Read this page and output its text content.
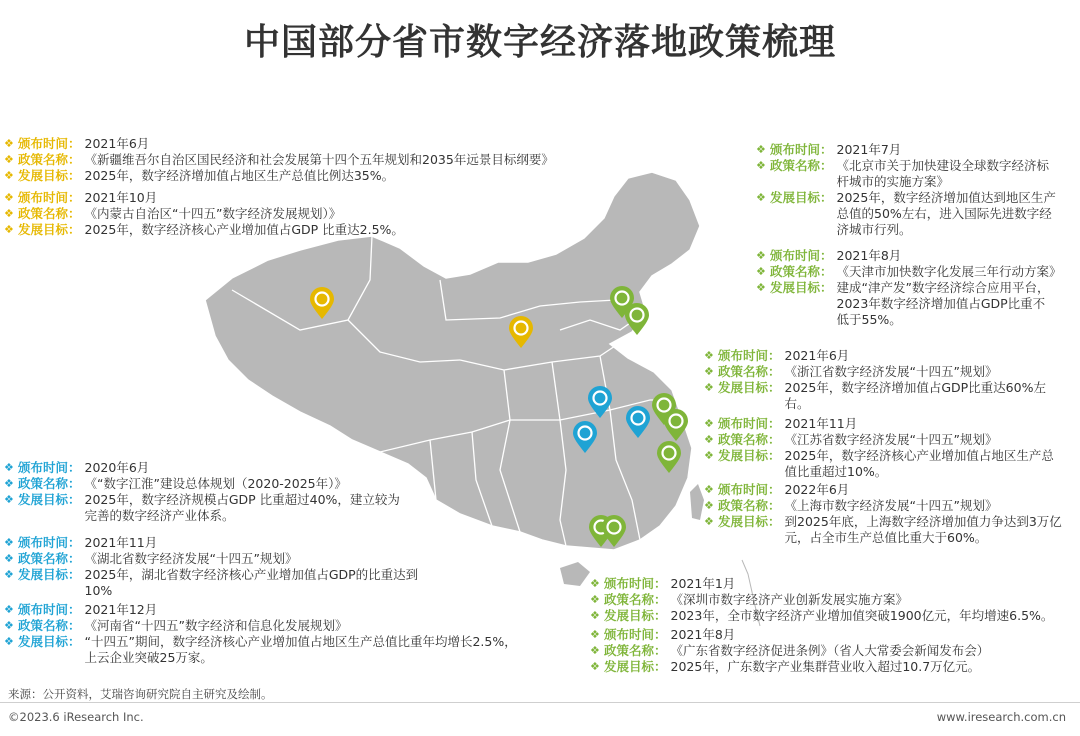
中国部分省市数字经济落地政策梳理
❖ 颁布时间： 2021年6月
❖ 政策名称： 《新疆维吾尔自治区国民经济和社会发展第十四个五年规划和2035年远景目标纲要》
❖ 发展目标： 2025年，数字经济增加值占地区生产总值比例达35%。
❖ 颁布时间： 2021年10月
❖ 政策名称： 《内蒙古自治区“十四五”数字经济发展规划）》
❖ 发展目标： 2025年，数字经济核心产业增加值占GDP 比重达2.5%。
❖ 颁布时间： 2020年6月
❖ 政策名称： 《“数字江淮”建设总体规划（2020-2025年）》
❖ 发展目标： 2025年，数字经济规模占GDP 比重超过40%，建立较为完善的数字经济产业体系。
❖ 颁布时间： 2021年11月
❖ 政策名称： 《湖北省数字经济发展“十四五”规划》
❖ 发展目标： 2025年，湖北省数字经济核心产业增加值占GDP的比重达到10%
❖ 颁布时间： 2021年12月
❖ 政策名称： 《河南省“十四五”数字经济和信息化发展规划》
❖ 发展目标： “十四五”期间，数字经济核心产业增加值占地区生产总值比重年均增长2.5%，上云企业突破25万家。
❖ 颁布时间： 2021年7月
❖ 政策名称： 《北京市关于加快建设全球数字经济标杆城市的实施方案》
❖ 发展目标： 2025年，数字经济增加值达到地区生产总值的50%左右，进入国际先进数字经济城市行列。
❖ 颁布时间： 2021年8月
❖ 政策名称： 《天津市加快数字化发展三年行动方案》
❖ 发展目标： 建成“津产发”数字经济综合应用平台，2023年数字经济增加值占GDP比重不低于55%。
❖ 颁布时间： 2021年6月
❖ 政策名称： 《浙江省数字经济发展“十四五”规划》
❖ 发展目标： 2025年，数字经济增加值占GDP比重达60%左右。
❖ 颁布时间： 2021年11月
❖ 政策名称： 《江苏省数字经济发展“十四五”规划》
❖ 发展目标： 2025年，数字经济核心产业增加值占地区生产总值比重超过10%。
❖ 颁布时间： 2022年6月
❖ 政策名称： 《上海市数字经济发展“十四五”规划》
❖ 发展目标： 到2025年底，上海数字经济增加值力争达到3万亿元，占全市生产总值比重大于60%。
❖ 颁布时间： 2021年1月
❖ 政策名称： 《深圳市数字经济产业创新发展实施方案》
❖ 发展目标： 2023年，全市数字经济产业增加值突破1900亿元，年均增速6.5%。
❖ 颁布时间： 2021年8月
❖ 政策名称： 《广东省数字经济促进条例》（省人大常委会新闻发布会）
❖ 发展目标： 2025年，广东数字产业集群营业收入超过10.7万亿元。
来源：公开资料，艾瑞咨询研究院自主研究及绘制。
©2023.6 iResearch Inc.	www.iresearch.com.cn
